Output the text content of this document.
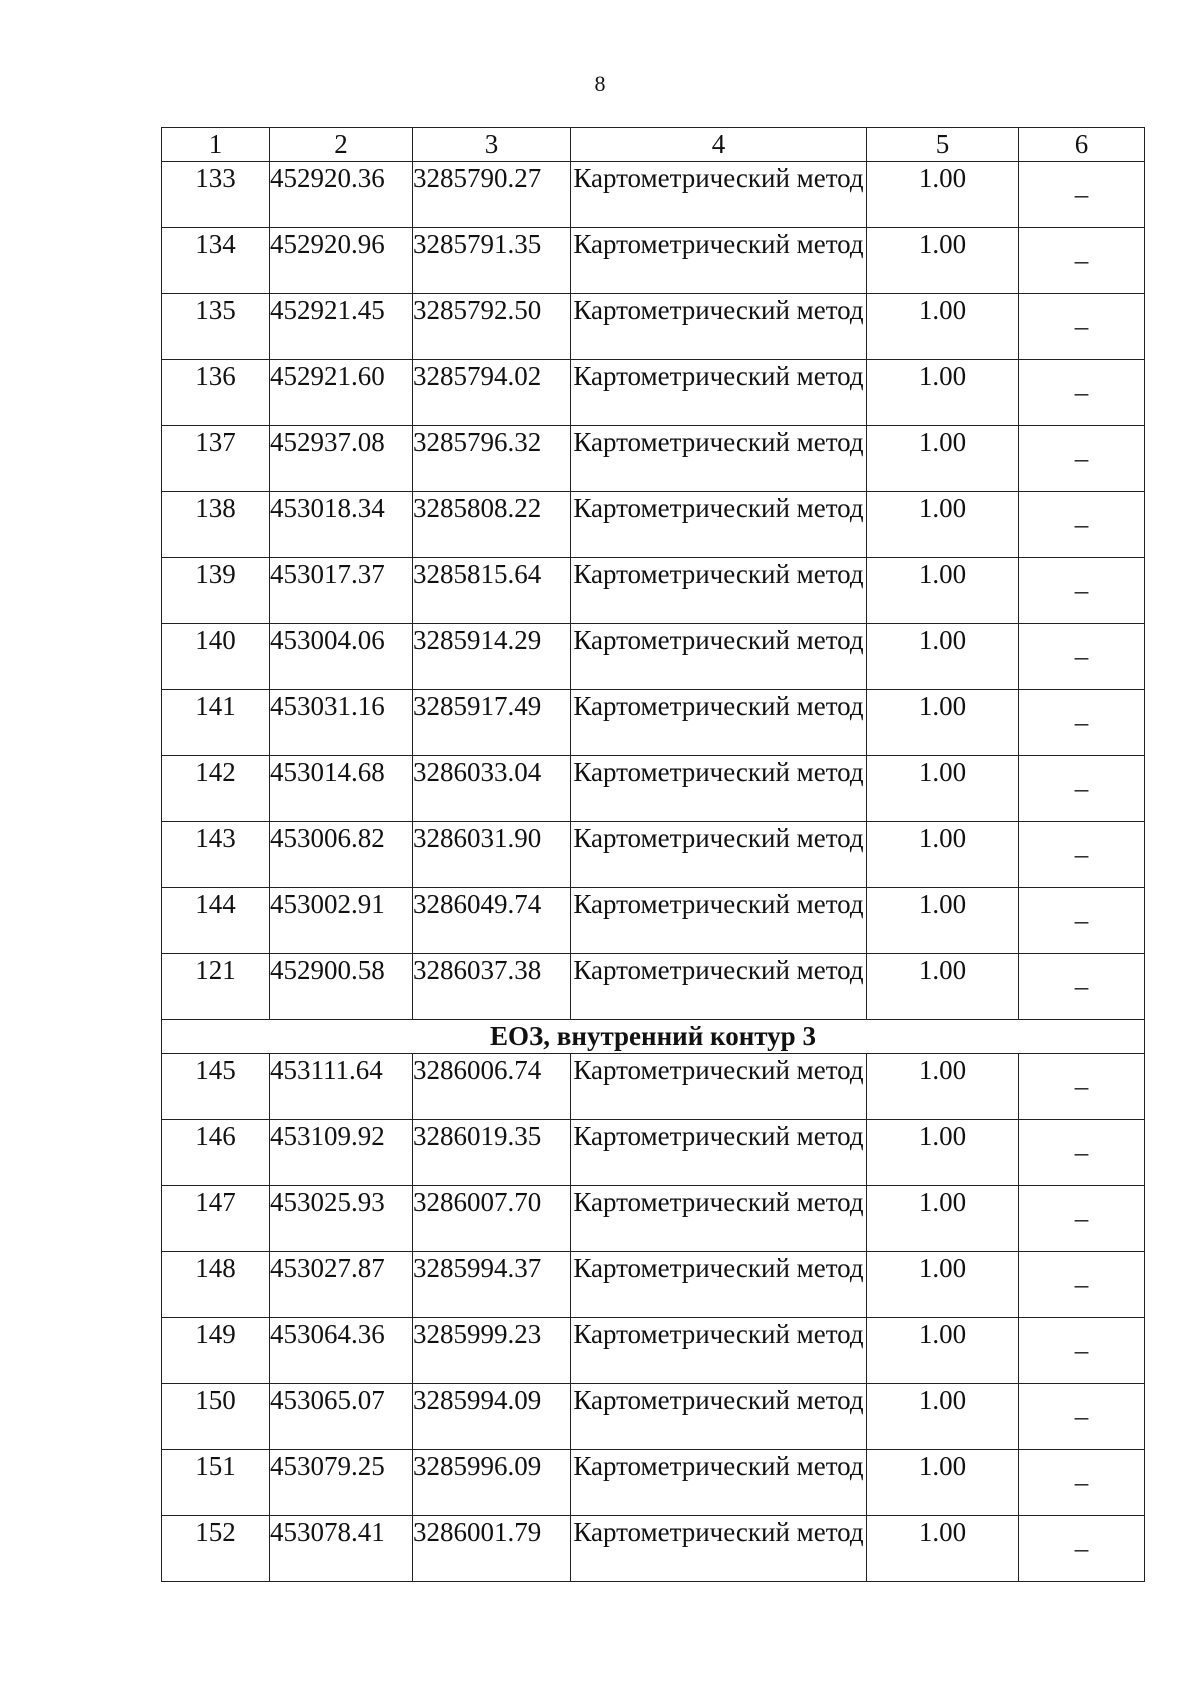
8
1	2	3	4	5	6
133	452920.36	3285790.27	Картометрический метод	1.00	–
134	452920.96	3285791.35	Картометрический метод	1.00	–
135	452921.45	3285792.50	Картометрический метод	1.00	–
136	452921.60	3285794.02	Картометрический метод	1.00	–
137	452937.08	3285796.32	Картометрический метод	1.00	–
138	453018.34	3285808.22	Картометрический метод	1.00	–
139	453017.37	3285815.64	Картометрический метод	1.00	–
140	453004.06	3285914.29	Картометрический метод	1.00	–
141	453031.16	3285917.49	Картометрический метод	1.00	–
142	453014.68	3286033.04	Картометрический метод	1.00	–
143	453006.82	3286031.90	Картометрический метод	1.00	–
144	453002.91	3286049.74	Картометрический метод	1.00	–
121	452900.58	3286037.38	Картометрический метод	1.00	–
ЕОЗ, внутренний контур 3					
145	453111.64	3286006.74	Картометрический метод	1.00	–
146	453109.92	3286019.35	Картометрический метод	1.00	–
147	453025.93	3286007.70	Картометрический метод	1.00	–
148	453027.87	3285994.37	Картометрический метод	1.00	–
149	453064.36	3285999.23	Картометрический метод	1.00	–
150	453065.07	3285994.09	Картометрический метод	1.00	–
151	453079.25	3285996.09	Картометрический метод	1.00	–
152	453078.41	3286001.79	Картометрический метод	1.00	–
